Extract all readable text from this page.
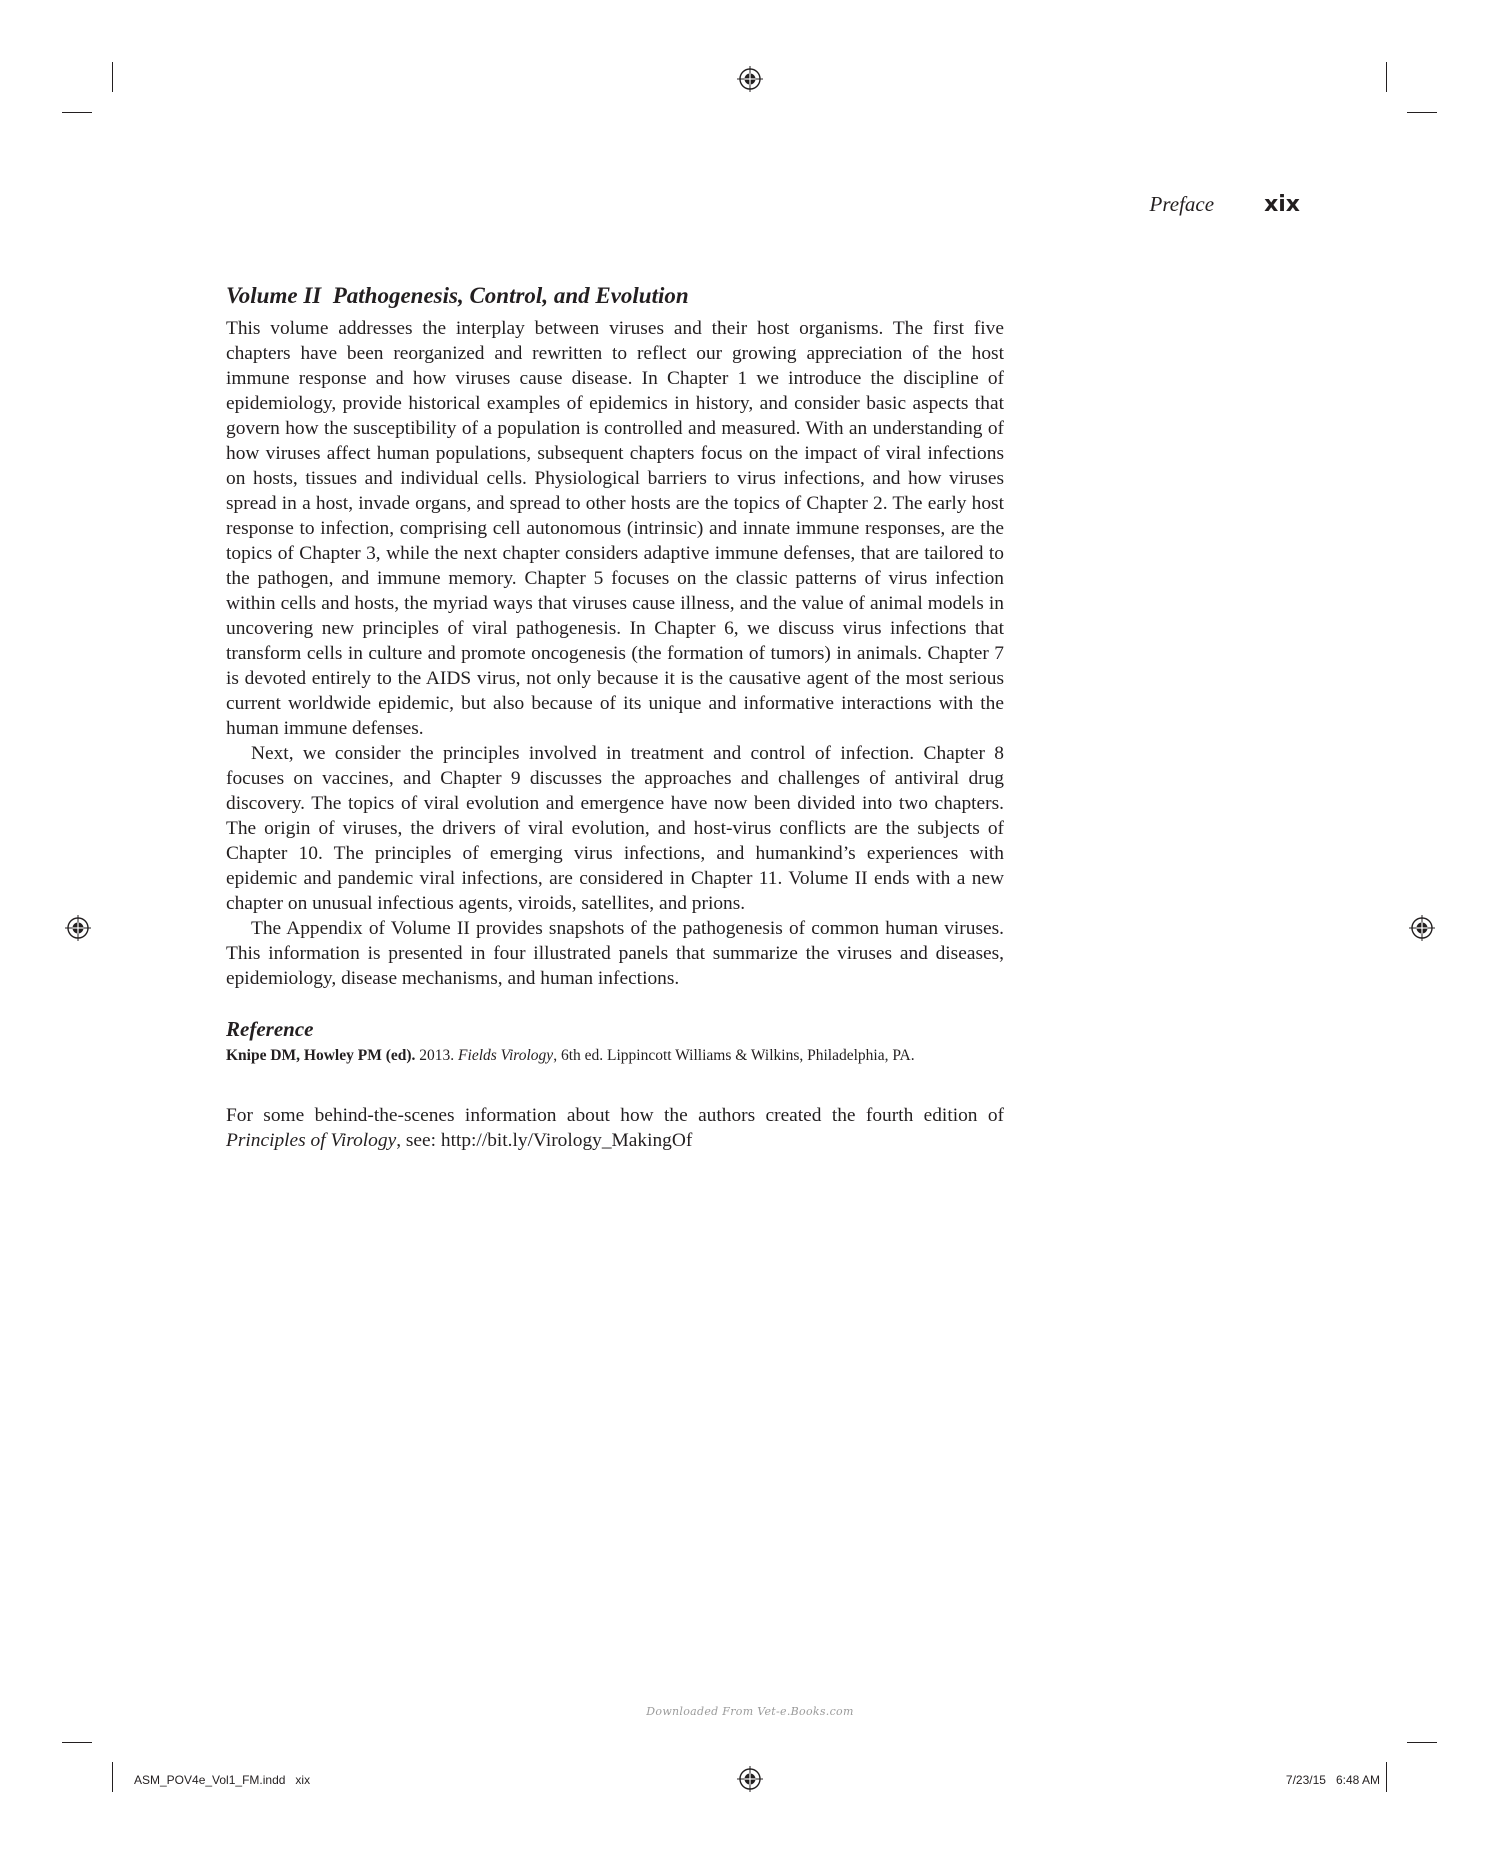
Preface xix
Volume II  Pathogenesis, Control, and Evolution

This volume addresses the interplay between viruses and their host organisms. The first five chapters have been reorganized and rewritten to reflect our growing appreciation of the host immune response and how viruses cause disease. In Chapter 1 we introduce the discipline of epidemiology, provide historical examples of epidemics in history, and consider basic aspects that govern how the susceptibility of a population is controlled and measured. With an understanding of how viruses affect human populations, subsequent chapters focus on the impact of viral infections on hosts, tissues and individual cells. Physiological barriers to virus infections, and how viruses spread in a host, invade organs, and spread to other hosts are the topics of Chapter 2. The early host response to infection, comprising cell autonomous (intrinsic) and innate immune responses, are the topics of Chapter 3, while the next chapter considers adaptive immune defenses, that are tailored to the pathogen, and immune memory. Chapter 5 focuses on the classic patterns of virus infection within cells and hosts, the myriad ways that viruses cause illness, and the value of animal models in uncovering new principles of viral pathogenesis. In Chapter 6, we discuss virus infections that transform cells in culture and promote oncogenesis (the formation of tumors) in animals. Chapter 7 is devoted entirely to the AIDS virus, not only because it is the causative agent of the most serious current worldwide epidemic, but also because of its unique and informative interactions with the human immune defenses.

Next, we consider the principles involved in treatment and control of infection. Chapter 8 focuses on vaccines, and Chapter 9 discusses the approaches and challenges of antiviral drug discovery. The topics of viral evolution and emergence have now been divided into two chapters. The origin of viruses, the drivers of viral evolution, and host-virus conflicts are the subjects of Chapter 10. The principles of emerging virus infections, and humankind’s experiences with epidemic and pandemic viral infections, are considered in Chapter 11. Volume II ends with a new chapter on unusual infectious agents, viroids, satellites, and prions.

The Appendix of Volume II provides snapshots of the pathogenesis of common human viruses. This information is presented in four illustrated panels that summarize the viruses and diseases, epidemiology, disease mechanisms, and human infections.

Reference

Knipe DM, Howley PM (ed). 2013. Fields Virology, 6th ed. Lippincott Williams & Wilkins, Philadelphia, PA.

For some behind-the-scenes information about how the authors created the fourth edition of Principles of Virology, see: http://bit.ly/Virology_MakingOf

Downloaded From Vet-e.Books.com
ASM_POV4e_Vol1_FM.indd   xix	7/23/15   6:48 AM
